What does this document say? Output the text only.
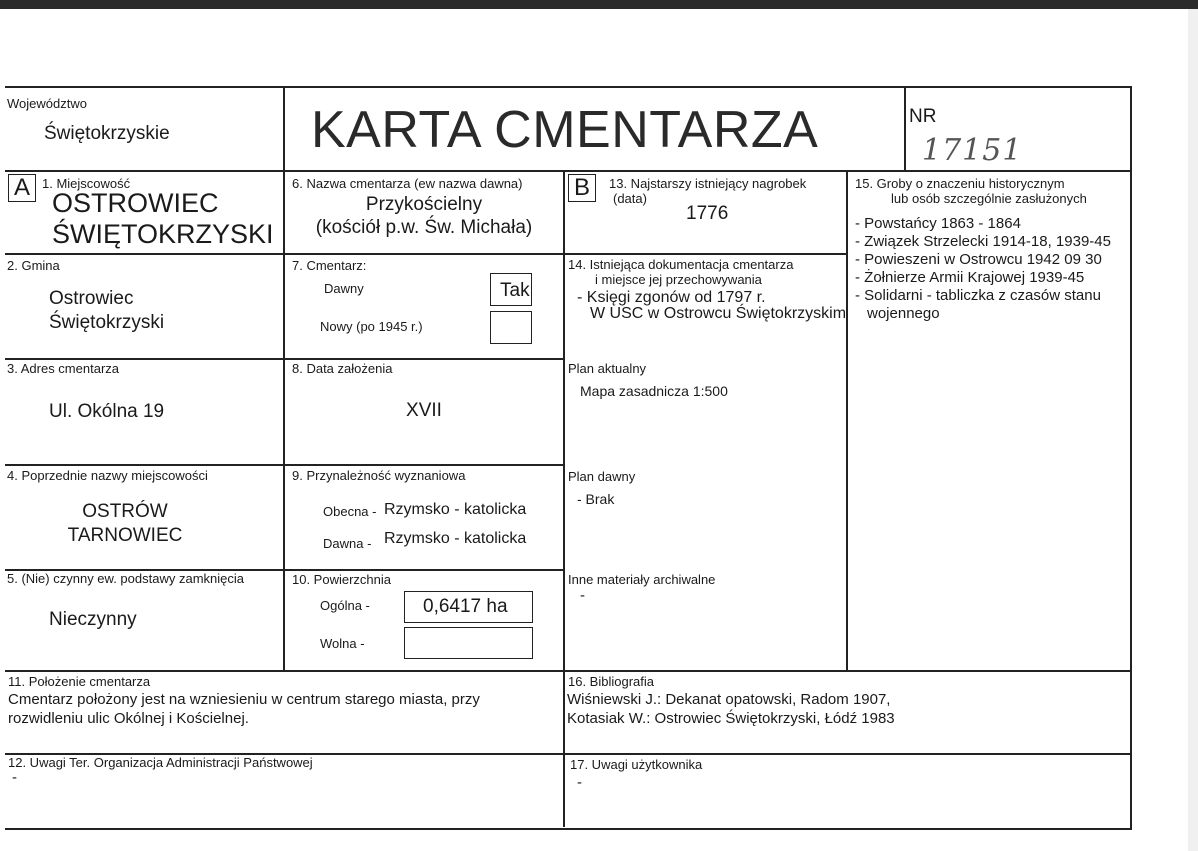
Województwo
Świętokrzyskie	KARTA CMENTARZA	NR
17151
A 1. Miejscowość
OSTROWIEC
ŚWIĘTOKRZYSKI
2. Gmina
Ostrowiec
Świętokrzyski
3. Adres cmentarza
Ul. Okólna 19
4. Poprzednie nazwy miejscowości
OSTRÓW
TARNOWIEC
5. (Nie) czynny ew. podstawy zamknięcia
Nieczynny
6. Nazwa cmentarza (ew nazwa dawna)
Przykościelny
(kościół p.w. Św. Michała)
7. Cmentarz:
Dawny	Tak
Nowy (po 1945 r.)
8. Data założenia
XVII
9. Przynależność wyznaniowa
Obecna - Rzymsko - katolicka
Dawna - Rzymsko - katolicka
10. Powierzchnia
Ogólna -	0,6417 ha
Wolna -
B	13. Najstarszy istniejący nagrobek
(data)
1776
14. Istniejąca dokumentacja cmentarza
i miejsce jej przechowywania
- Księgi zgonów od 1797 r.
W USC w Ostrowcu Świętokrzyskim
Plan aktualny
Mapa zasadnicza 1:500
Plan dawny
- Brak
Inne materiały archiwalne
-
15. Groby o znaczeniu historycznym
lub osób szczególnie zasłużonych
- Powstańcy 1863 - 1864
- Związek Strzelecki 1914-18, 1939-45
- Powieszeni w Ostrowcu 1942 09 30
- Żołnierze Armii Krajowej 1939-45
- Solidarni - tabliczka z czasów stanu
wojennego
11. Położenie cmentarza
Cmentarz położony jest na wzniesieniu w centrum starego miasta, przy
rozwidleniu ulic Okólnej i Kościelnej.
12. Uwagi Ter. Organizacja Administracji Państwowej
-
16. Bibliografia
Wiśniewski J.: Dekanat opatowski, Radom 1907,
Kotasiak W.: Ostrowiec Świętokrzyski, Łódź 1983
17. Uwagi użytkownika
-
